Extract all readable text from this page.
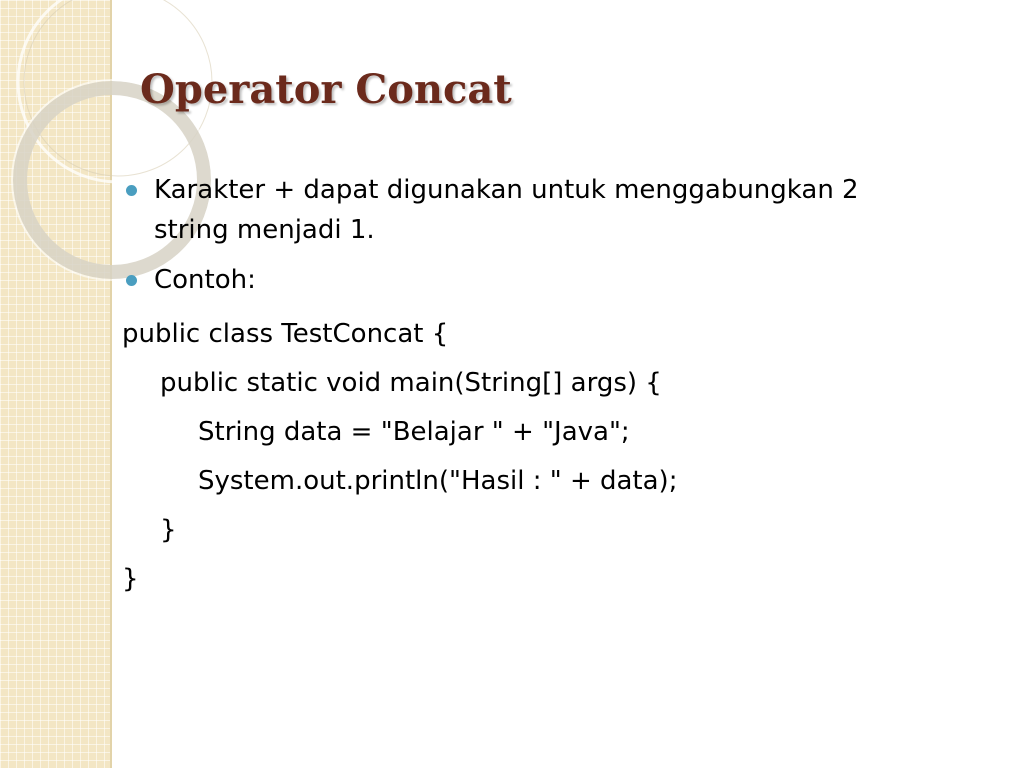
Operator Concat
Karakter + dapat digunakan untuk menggabungkan 2 string menjadi 1.
Contoh:
public class TestConcat {
public static void main(String[] args) {
String data = "Belajar " + "Java";
System.out.println("Hasil : " + data);
}
}
